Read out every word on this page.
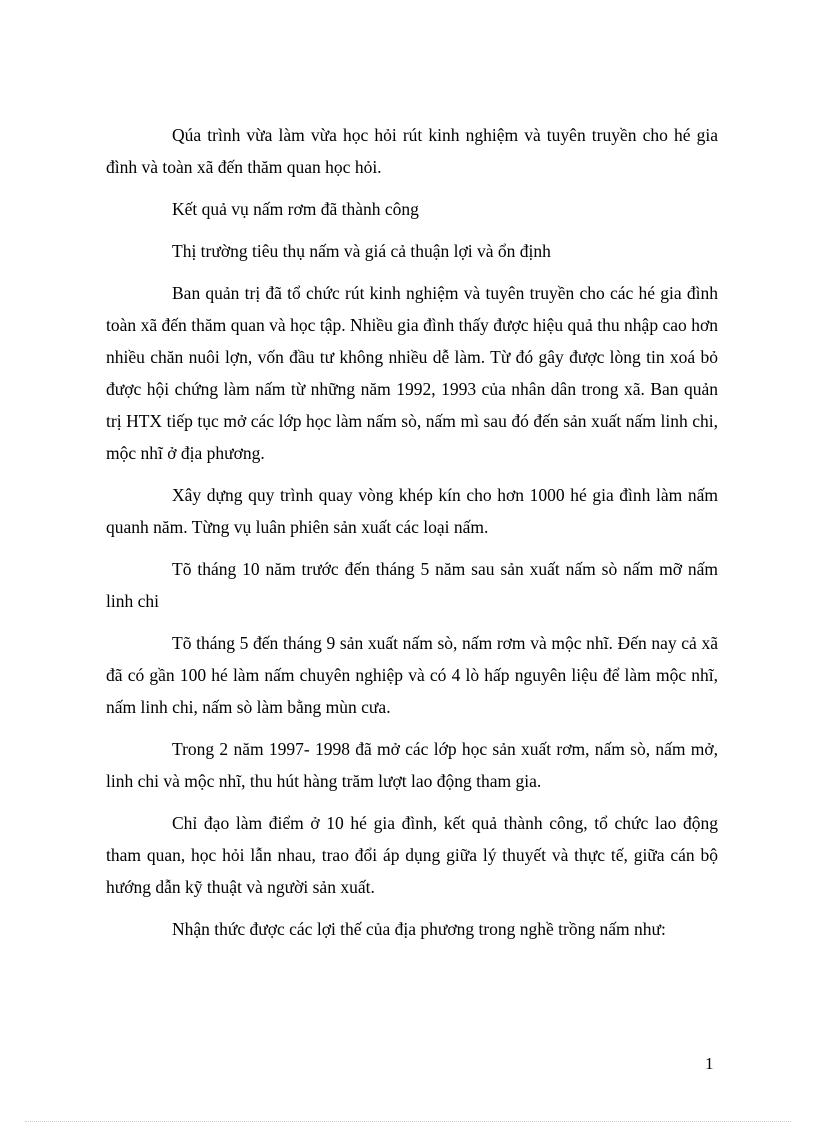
Qúa trình vừa làm vừa học hỏi rút kinh nghiệm và tuyên truyền cho hé gia đình và toàn xã đến thăm quan học hỏi.

Kết quả vụ nấm rơm đã thành công

Thị trường tiêu thụ nấm và giá cả thuận lợi và ổn định

Ban quản trị đã tổ chức rút kinh nghiệm và tuyên truyền cho các hé gia đình toàn xã đến thăm quan và học tập. Nhiều gia đình thấy được hiệu quả thu nhập cao hơn nhiều chăn nuôi lợn, vốn đầu tư không nhiều dễ làm. Từ đó gây được lòng tin xoá bỏ được hội chứng làm nấm từ những năm 1992, 1993 của nhân dân trong xã. Ban quản trị HTX tiếp tục mở các lớp học làm nấm sò, nấm mì sau đó đến sản xuất nấm linh chi, mộc nhĩ ở địa phương.

Xây dựng quy trình quay vòng khép kín cho hơn 1000 hé gia đình làm nấm quanh năm. Từng vụ luân phiên sản xuất các loại nấm.

Tõ tháng 10 năm trước đến tháng 5 năm sau sản xuất nấm sò nấm mỡ nấm linh chi

Tõ tháng 5 đến tháng 9 sản xuất nấm sò, nấm rơm và mộc nhĩ. Đến nay cả xã đã có gần 100 hé làm nấm chuyên nghiệp và có 4 lò hấp nguyên liệu để làm mộc nhĩ, nấm linh chi, nấm sò làm bằng mùn cưa.

Trong 2 năm 1997- 1998 đã mở các lớp học sản xuất rơm, nấm sò, nấm mở, linh chi và mộc nhĩ, thu hút hàng trăm lượt lao động tham gia.

Chỉ đạo làm điểm ở 10 hé gia đình, kết quả thành công, tổ chức lao động tham quan, học hỏi lẫn nhau, trao đổi áp dụng giữa lý thuyết và thực tế, giữa cán bộ hướng dẫn kỹ thuật và người sản xuất.

Nhận thức được các lợi thế của địa phương trong nghề trồng nấm như:

1
